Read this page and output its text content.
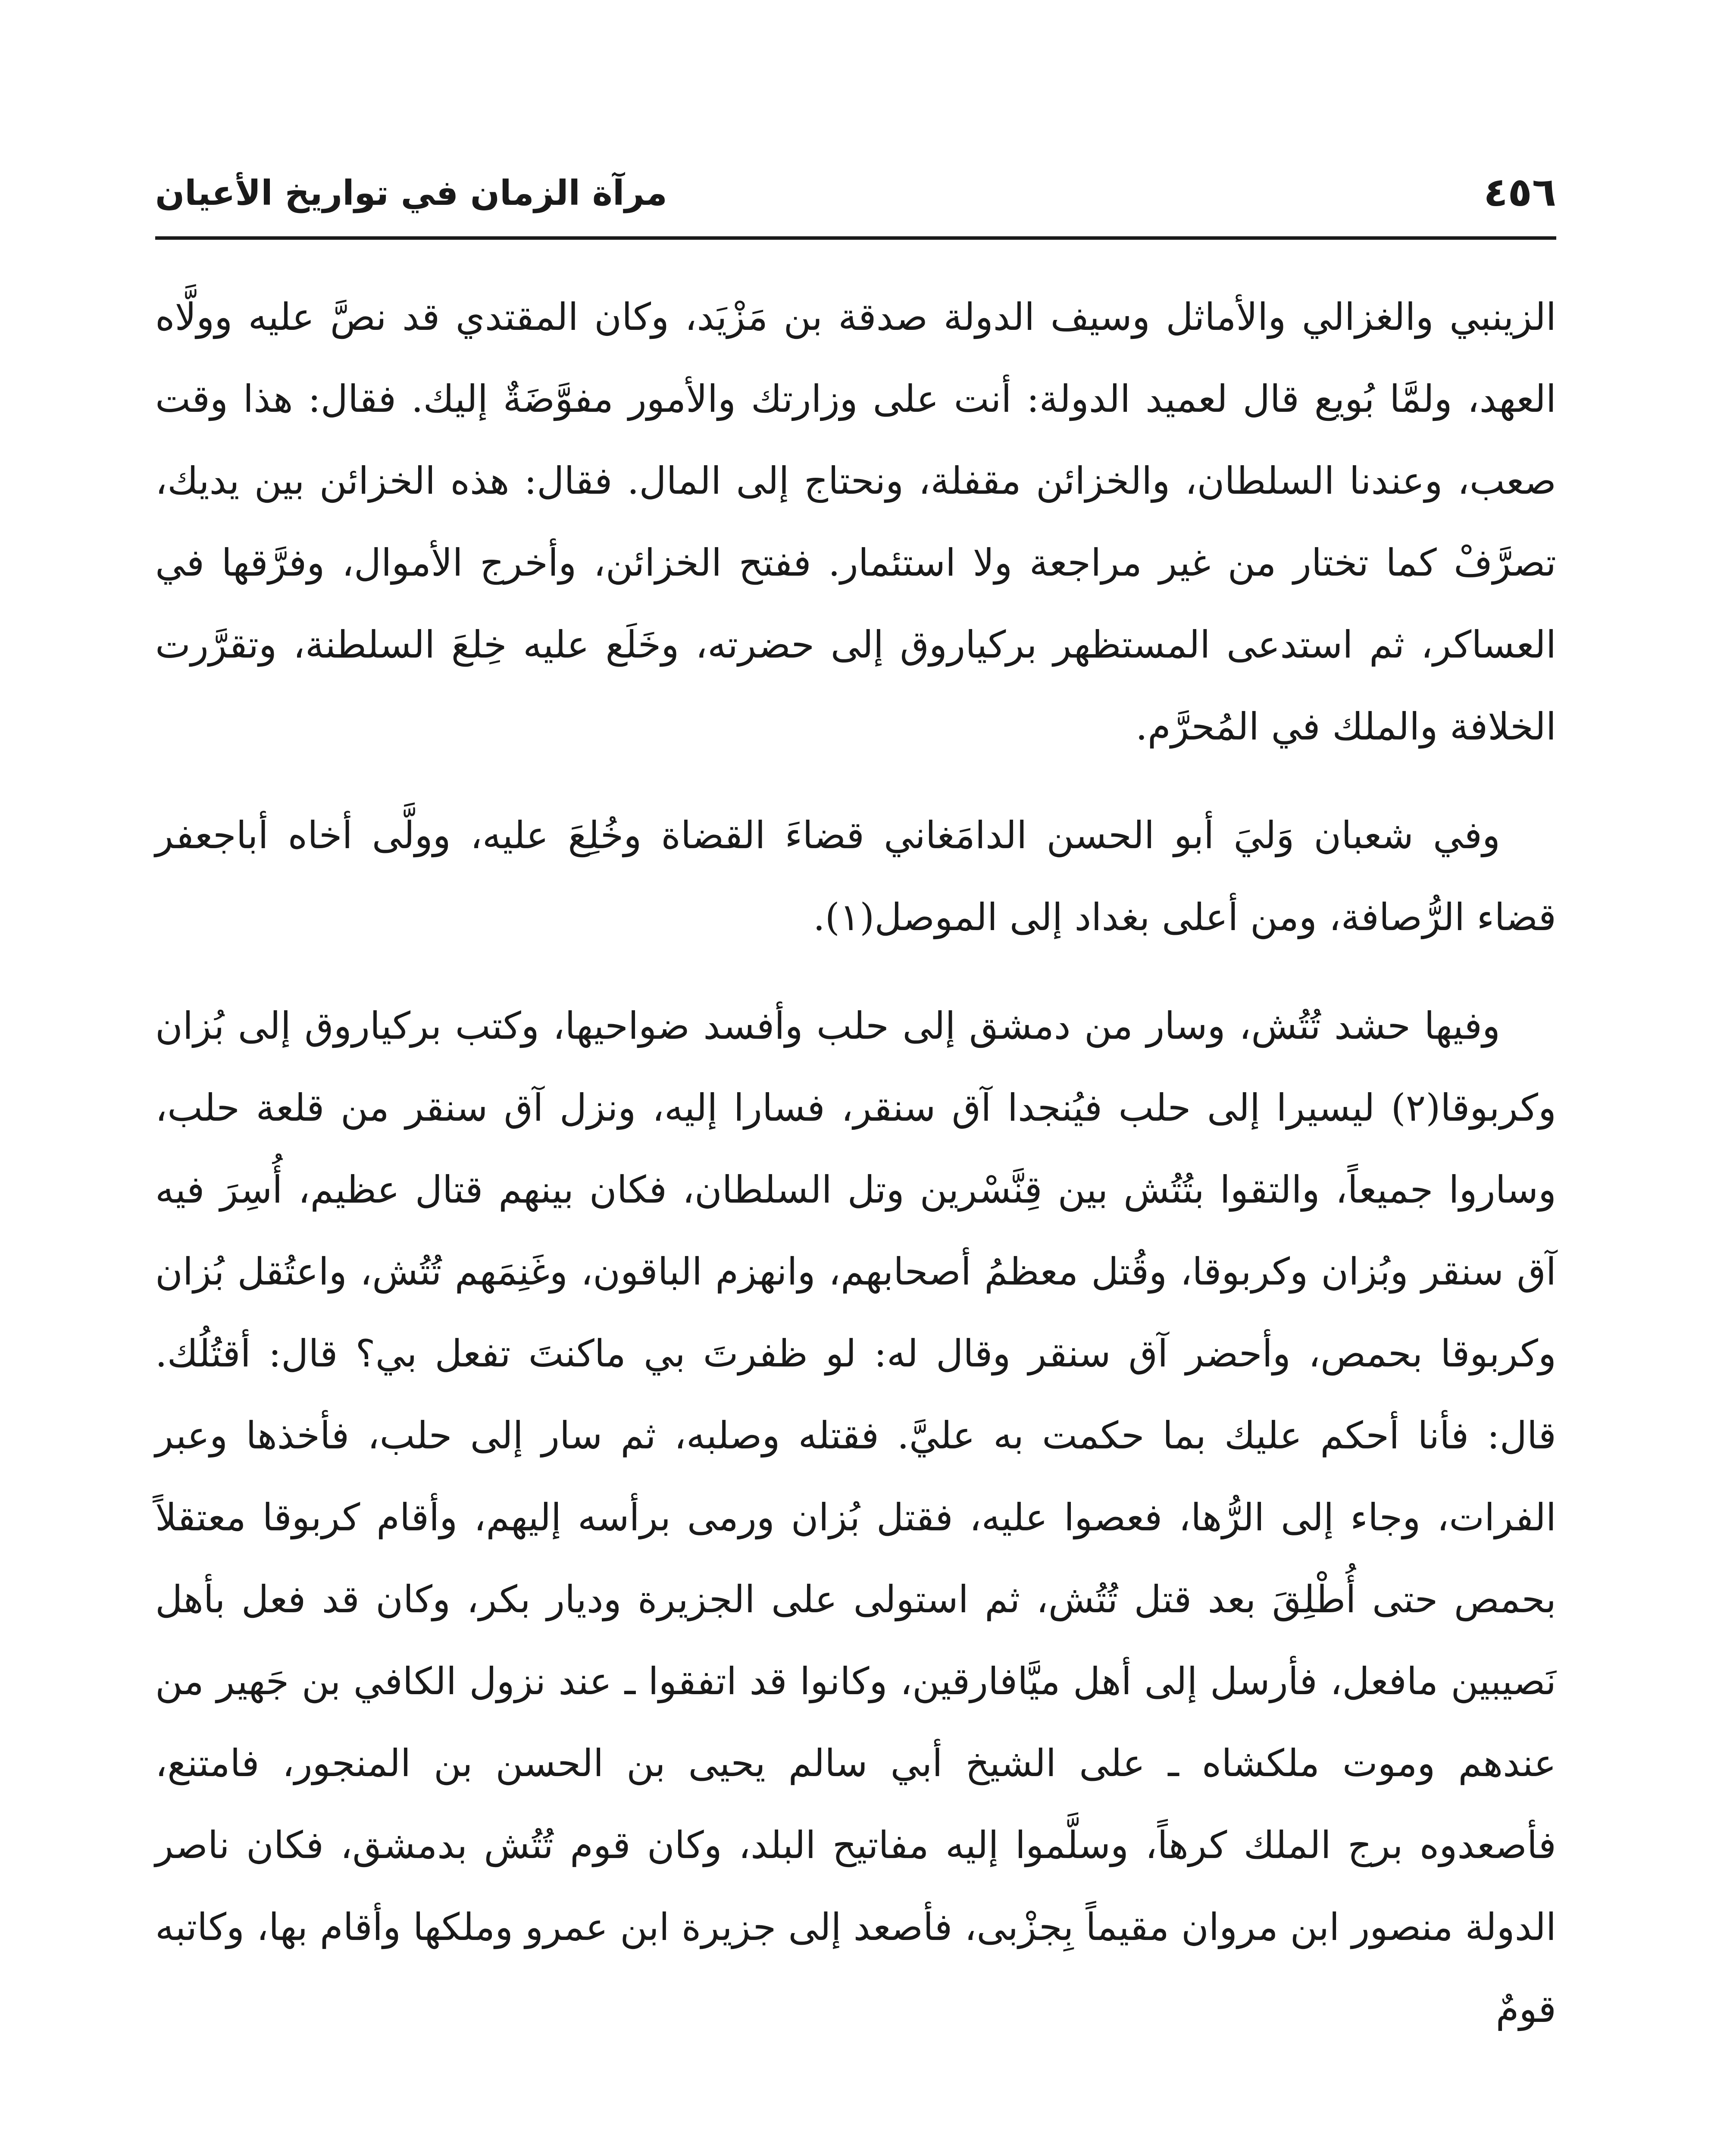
٤٥٦
مرآة الزمان في تواريخ الأعيان

الزينبي والغزالي والأماثل وسيف الدولة صدقة بن مَزْيَد، وكان المقتدي قد نصَّ عليه وولَّاه العهد، ولمَّا بُويع قال لعميد الدولة: أنت على وزارتك والأمور مفوَّضَةٌ إليك. فقال: هذا وقت صعب، وعندنا السلطان، والخزائن مقفلة، ونحتاج إلى المال. فقال: هذه الخزائن بين يديك، تصرَّفْ كما تختار من غير مراجعة ولا استئمار. ففتح الخزائن، وأخرج الأموال، وفرَّقها في العساكر، ثم استدعى المستظهر بركياروق إلى حضرته، وخَلَع عليه خِلعَ السلطنة، وتقرَّرت الخلافة والملك في المُحرَّم.

وفي شعبان وَليَ أبو الحسن الدامَغاني قضاءَ القضاة وخُلِعَ عليه، وولَّى أخاه أباجعفر قضاء الرُّصافة، ومن أعلى بغداد إلى الموصل(١).

وفيها حشد تُتُش، وسار من دمشق إلى حلب وأفسد ضواحيها، وكتب بركياروق إلى بُزان وكربوقا(٢) ليسيرا إلى حلب فيُنجدا آق سنقر، فسارا إليه، ونزل آق سنقر من قلعة حلب، وساروا جميعاً، والتقوا بتُتُش بين قِنَّسْرين وتل السلطان، فكان بينهم قتال عظيم، أُسِرَ فيه آق سنقر وبُزان وكربوقا، وقُتل معظمُ أصحابهم، وانهزم الباقون، وغَنِمَهم تُتُش، واعتُقل بُزان وكربوقا بحمص، وأحضر آق سنقر وقال له: لو ظفرتَ بي ماكنتَ تفعل بي؟ قال: أقتُلُك. قال: فأنا أحكم عليك بما حكمت به عليَّ. فقتله وصلبه، ثم سار إلى حلب، فأخذها وعبر الفرات، وجاء إلى الرُّها، فعصوا عليه، فقتل بُزان ورمى برأسه إليهم، وأقام كربوقا معتقلاً بحمص حتى أُطْلِقَ بعد قتل تُتُش، ثم استولى على الجزيرة وديار بكر، وكان قد فعل بأهل نَصيبين مافعل، فأرسل إلى أهل ميَّافارقين، وكانوا قد اتفقوا ـ عند نزول الكافي بن جَهير من عندهم وموت ملكشاه ـ على الشيخ أبي سالم يحيى بن الحسن بن المنجور، فامتنع، فأصعدوه برج الملك كرهاً، وسلَّموا إليه مفاتيح البلد، وكان قوم تُتُش بدمشق، فكان ناصر الدولة منصور ابن مروان مقيماً بِجزْبى، فأصعد إلى جزيرة ابن عمرو وملكها وأقام بها، وكاتبه قومٌ
